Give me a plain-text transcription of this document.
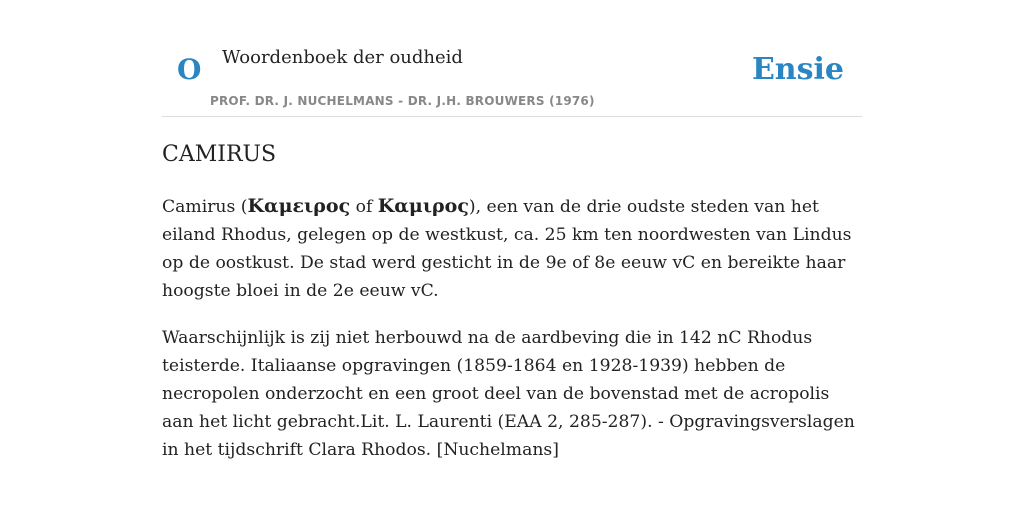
O Woordenboek der oudheid
PROF. DR. J. NUCHELMANS - DR. J.H. BROUWERS (1976)
Ensie
CAMIRUS

Camirus (Καμειρος of Καμιρος), een van de drie oudste steden van het eiland Rhodus, gelegen op de westkust, ca. 25 km ten noordwesten van Lindus op de oostkust. De stad werd gesticht in de 9e of 8e eeuw vC en bereikte haar hoogste bloei in de 2e eeuw vC.

Waarschijnlijk is zij niet herbouwd na de aardbeving die in 142 nC Rhodus teisterde. Italiaanse opgravingen (1859-1864 en 1928-1939) hebben de necropolen onderzocht en een groot deel van de bovenstad met de acropolis aan het licht gebracht.Lit. L. Laurenti (EAA 2, 285-287). - Opgravingsverslagen in het tijdschrift Clara Rhodos. [Nuchelmans]
